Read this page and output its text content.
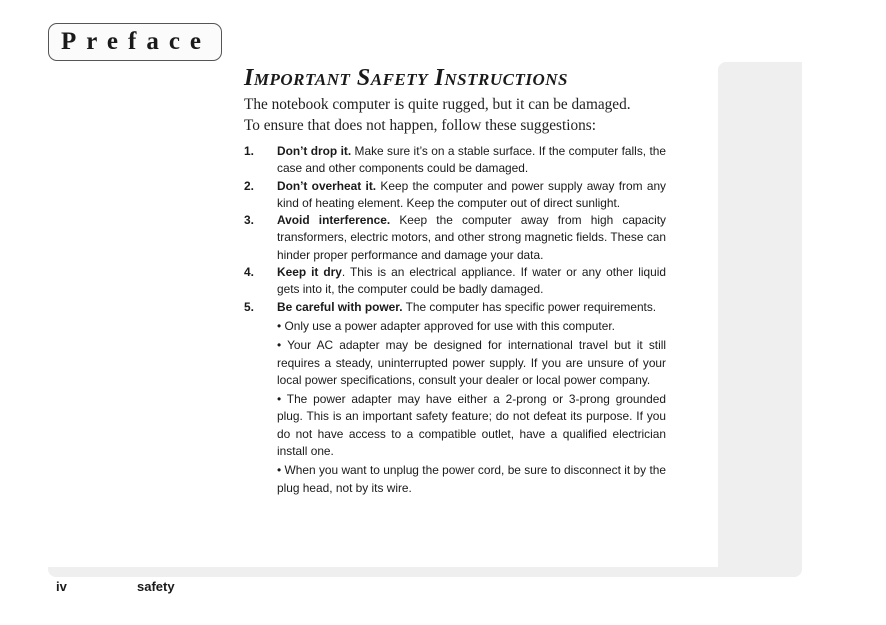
Preface
Important Safety Instructions
The notebook computer is quite rugged, but it can be damaged.
To ensure that does not happen, follow these suggestions:
1. Don’t drop it. Make sure it’s on a stable surface. If the computer falls, the case and other components could be damaged.
2. Don’t overheat it. Keep the computer and power supply away from any kind of heating element. Keep the computer out of direct sunlight.
3. Avoid interference. Keep the computer away from high capacity transformers, electric motors, and other strong magnetic fields. These can hinder proper performance and damage your data.
4. Keep it dry. This is an electrical appliance. If water or any other liquid gets into it, the computer could be badly damaged.
5. Be careful with power. The computer has specific power requirements.
• Only use a power adapter approved for use with this computer.
• Your AC adapter may be designed for international travel but it still requires a steady, uninterrupted power supply. If you are unsure of your local power specifications, consult your dealer or local power company.
• The power adapter may have either a 2-prong or 3-prong grounded plug. This is an important safety feature; do not defeat its purpose. If you do not have access to a compatible outlet, have a qualified electrician install one.
• When you want to unplug the power cord, be sure to disconnect it by the plug head, not by its wire.
iv	safety
